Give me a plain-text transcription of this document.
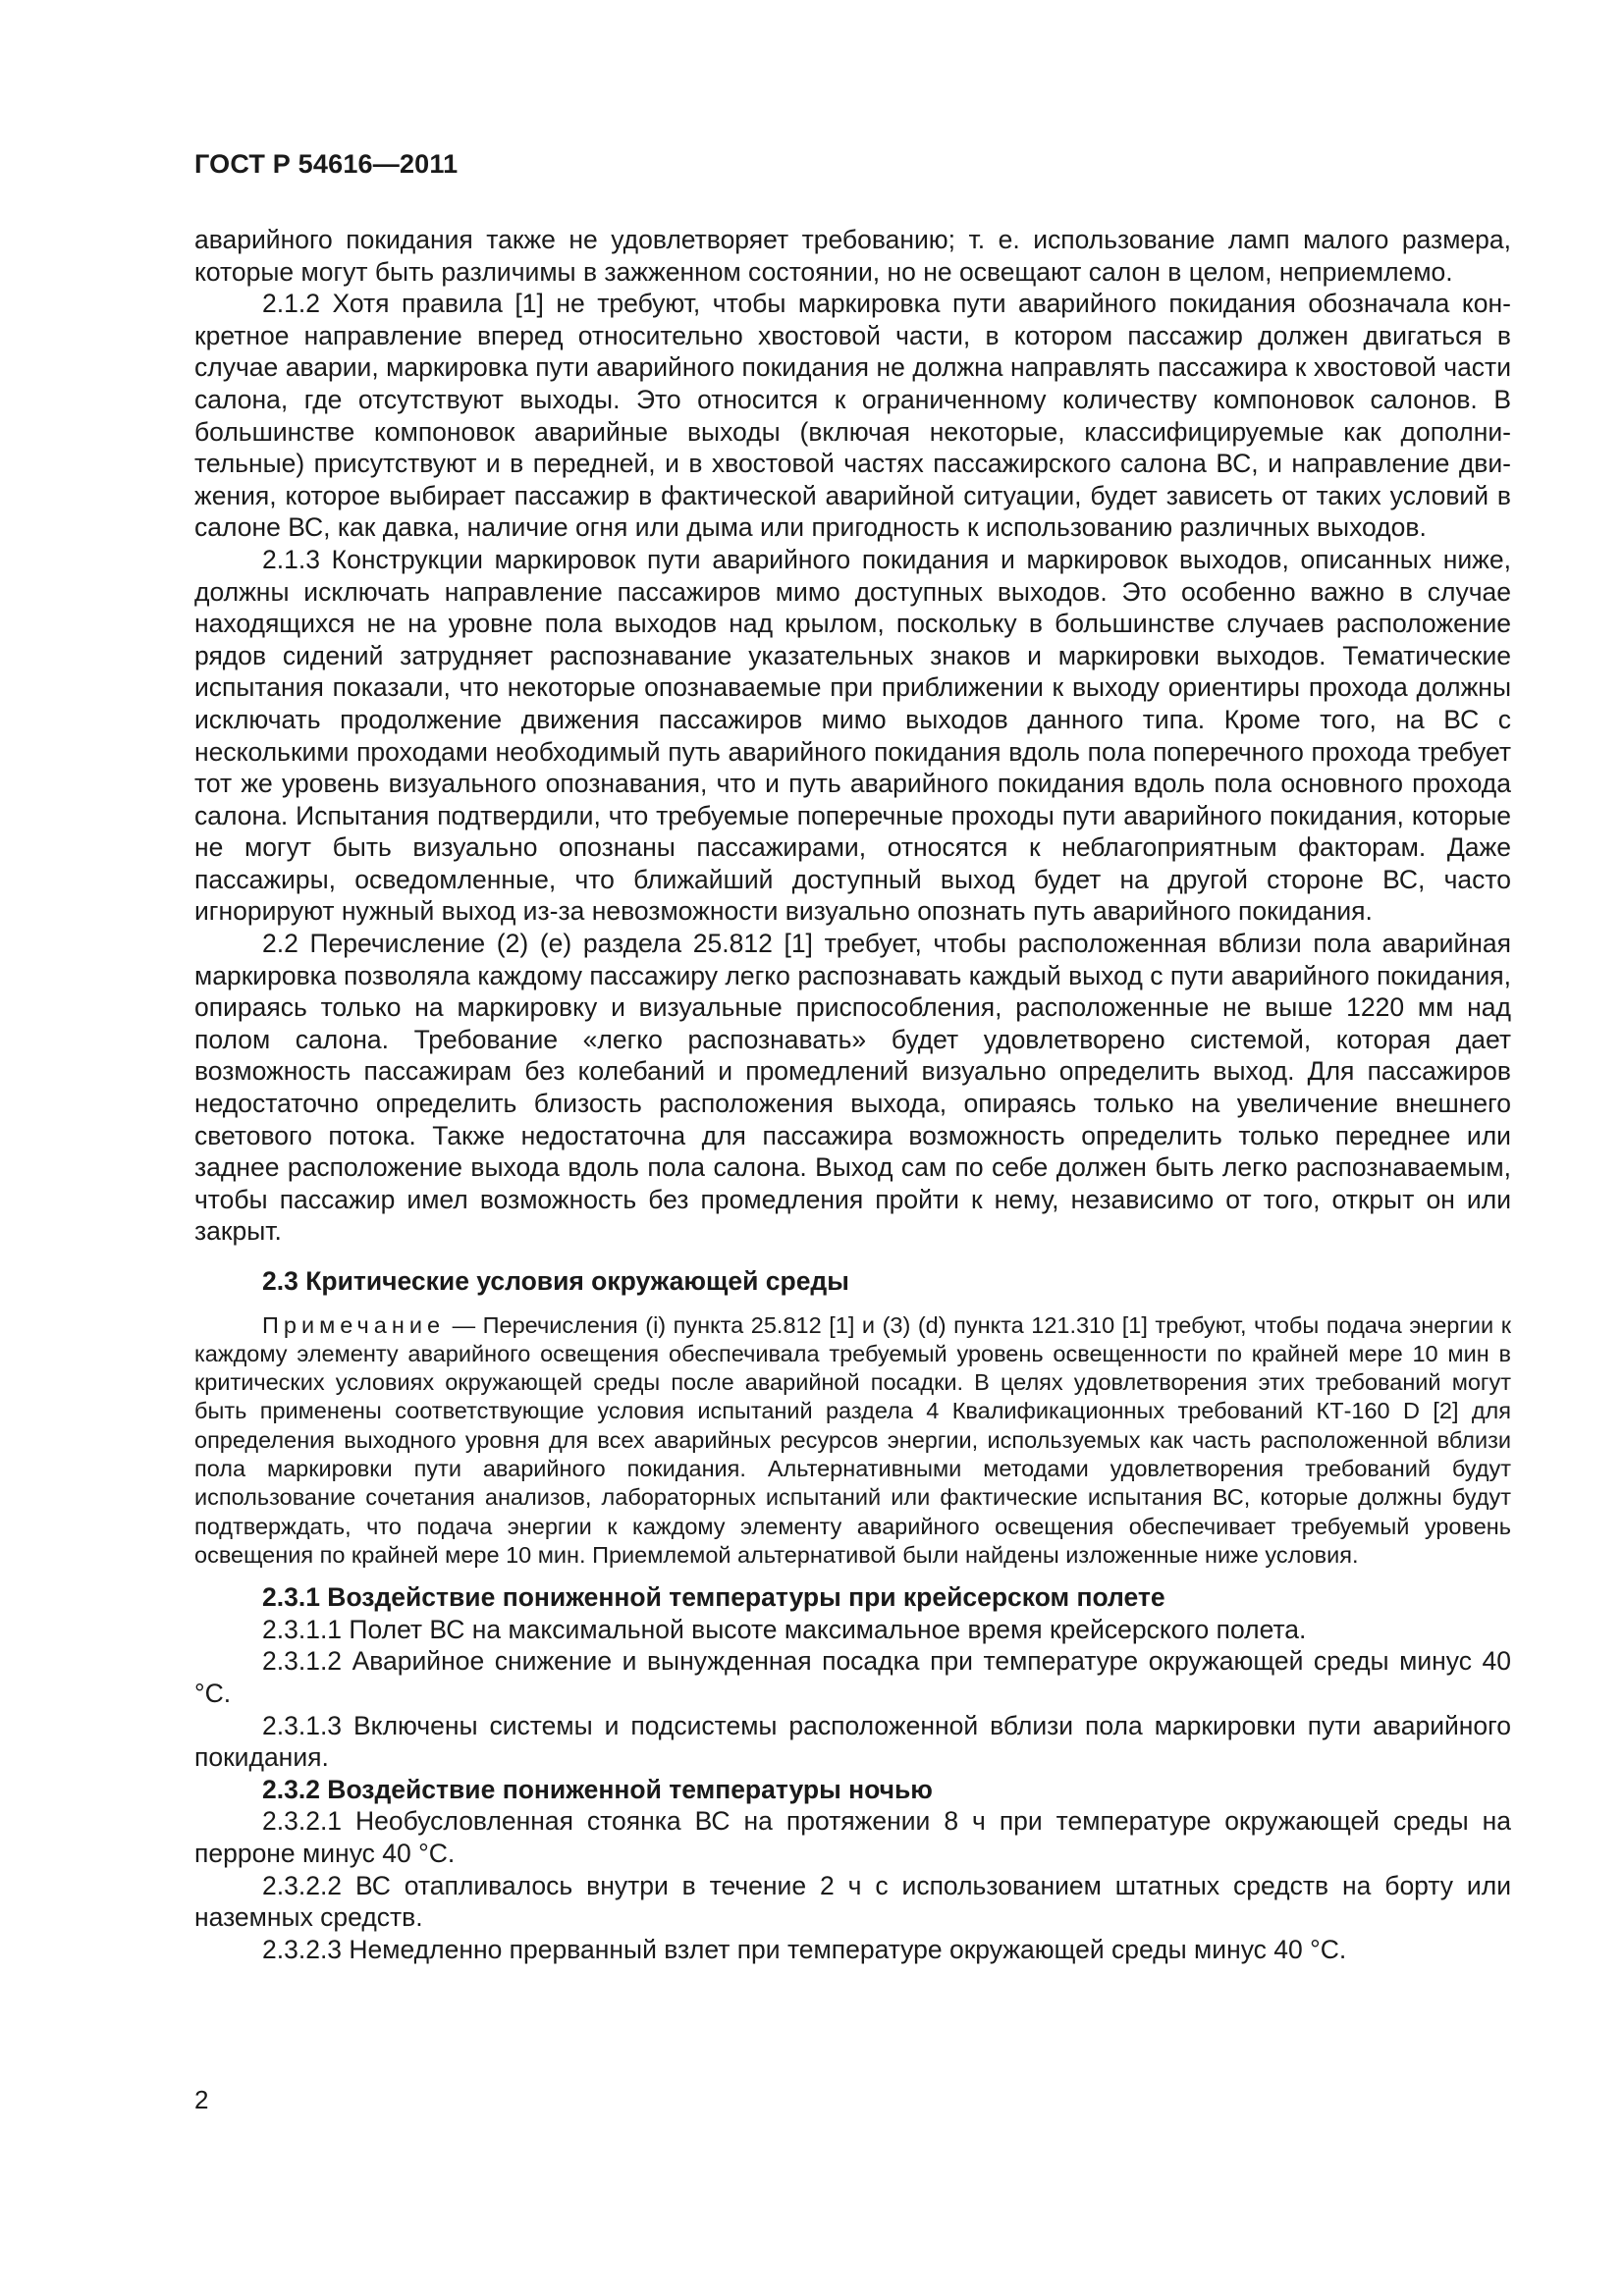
ГОСТ Р 54616—2011

аварийного покидания также не удовлетворяет требованию; т. е. использование ламп малого размера, которые могут быть различимы в зажженном состоянии, но не освещают салон в целом, неприемлемо.

2.1.2 Хотя правила [1] не требуют, чтобы маркировка пути аварийного покидания обозначала конкретное направление вперед относительно хвостовой части, в котором пассажир должен двигаться в случае аварии, маркировка пути аварийного покидания не должна направлять пассажира к хвостовой части салона, где отсутствуют выходы. Это относится к ограниченному количеству компоновок салонов. В большинстве компоновок аварийные выходы (включая некоторые, классифицируемые как дополнительные) присутствуют и в передней, и в хвостовой частях пассажирского салона ВС, и направление движения, которое выбирает пассажир в фактической аварийной ситуации, будет зависеть от таких условий в салоне ВС, как давка, наличие огня или дыма или пригодность к использованию различных выходов.

2.1.3 Конструкции маркировок пути аварийного покидания и маркировок выходов, описанных ниже, должны исключать направление пассажиров мимо доступных выходов. Это особенно важно в случае находящихся не на уровне пола выходов над крылом, поскольку в большинстве случаев расположение рядов сидений затрудняет распознавание указательных знаков и маркировки выходов. Тематические испытания показали, что некоторые опознаваемые при приближении к выходу ориентиры прохода должны исключать продолжение движения пассажиров мимо выходов данного типа. Кроме того, на ВС с несколькими проходами необходимый путь аварийного покидания вдоль пола поперечного прохода требует тот же уровень визуального опознавания, что и путь аварийного покидания вдоль пола основного прохода салона. Испытания подтвердили, что требуемые поперечные проходы пути аварийного покидания, которые не могут быть визуально опознаны пассажирами, относятся к неблагоприятным факторам. Даже пассажиры, осведомленные, что ближайший доступный выход будет на другой стороне ВС, часто игнорируют нужный выход из-за невозможности визуально опознать путь аварийного покидания.

2.2 Перечисление (2) (е) раздела 25.812 [1] требует, чтобы расположенная вблизи пола аварийная маркировка позволяла каждому пассажиру легко распознавать каждый выход с пути аварийного покидания, опираясь только на маркировку и визуальные приспособления, расположенные не выше 1220 мм над полом салона. Требование «легко распознавать» будет удовлетворено системой, которая дает возможность пассажирам без колебаний и промедлений визуально определить выход. Для пассажиров недостаточно определить близость расположения выхода, опираясь только на увеличение внешнего светового потока. Также недостаточна для пассажира возможность определить только переднее или заднее расположение выхода вдоль пола салона. Выход сам по себе должен быть легко распознаваемым, чтобы пассажир имел возможность без промедления пройти к нему, независимо от того, открыт он или закрыт.

2.3 Критические условия окружающей среды

Примечание — Перечисления (i) пункта 25.812 [1] и (3) (d) пункта 121.310 [1] требуют, чтобы подача энергии к каждому элементу аварийного освещения обеспечивала требуемый уровень освещенности по крайней мере 10 мин в критических условиях окружающей среды после аварийной посадки. В целях удовлетворения этих требований могут быть применены соответствующие условия испытаний раздела 4 Квалификационных требований КТ-160 D [2] для определения выходного уровня для всех аварийных ресурсов энергии, используемых как часть расположенной вблизи пола маркировки пути аварийного покидания. Альтернативными методами удовлетворения требований будут использование сочетания анализов, лабораторных испытаний или фактические испытания ВС, которые должны будут подтверждать, что подача энергии к каждому элементу аварийного освещения обеспечивает требуемый уровень освещения по крайней мере 10 мин. Приемлемой альтернативой были найдены изложенные ниже условия.

2.3.1 Воздействие пониженной температуры при крейсерском полете

2.3.1.1 Полет ВС на максимальной высоте максимальное время крейсерского полета.

2.3.1.2 Аварийное снижение и вынужденная посадка при температуре окружающей среды минус 40 °С.

2.3.1.3 Включены системы и подсистемы расположенной вблизи пола маркировки пути аварийного покидания.

2.3.2 Воздействие пониженной температуры ночью

2.3.2.1 Необусловленная стоянка ВС на протяжении 8 ч при температуре окружающей среды на перроне минус 40 °С.

2.3.2.2 ВС отапливалось внутри в течение 2 ч с использованием штатных средств на борту или наземных средств.

2.3.2.3 Немедленно прерванный взлет при температуре окружающей среды минус 40 °С.

2
